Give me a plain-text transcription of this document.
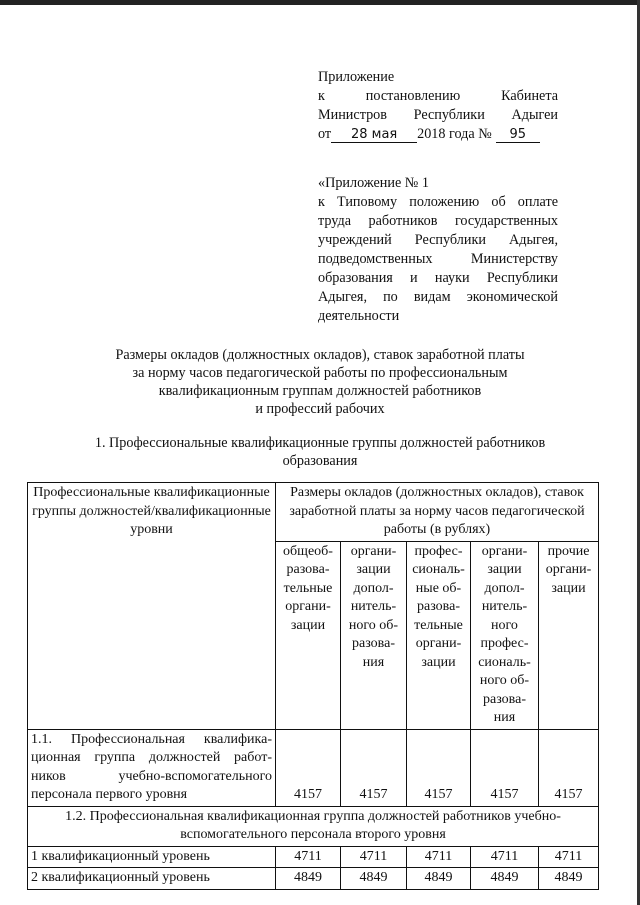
Приложение
к	постановлению	Кабинета
Министров Республики Адыгеи
от 28 мая 2018 года № 95
«Приложение № 1
к Типовому положению об оплате
труда работников государственных
учреждений Республики Адыгея,
подведомственных Министерству
образования и науки Республики
Адыгея, по видам экономической
деятельности
Размеры окладов (должностных окладов), ставок заработной платы
за норму часов педагогической работы по профессиональным
квалификационным группам должностей работников
и профессий рабочих
1. Профессиональные квалификационные группы должностей работников
образования
Профессиональные квалификационные группы должностей/квалификационные уровни	Размеры окладов (должностных окладов), ставок заработной платы за норму часов педагогической работы (в рублях)				
	общеоб-разова-тельные органи-зации	органи-зации допол-нитель-ного об-разова-ния	профес-сиональ-ные об-разова-тельные органи-зации	органи-зации допол-нитель-ного профес-сиональ-ного об-разова-ния	прочие органи-зации
1.1. Профессиональная квалифика-ционная группа должностей работ-ников учебно-вспомогательного персонала первого уровня	4157	4157	4157	4157	4157
1.2. Профессиональная квалификационная группа должностей работников учебно-вспомогательного персонала второго уровня					
1 квалификационный уровень	4711	4711	4711	4711	4711
2 квалификационный уровень	4849	4849	4849	4849	4849
